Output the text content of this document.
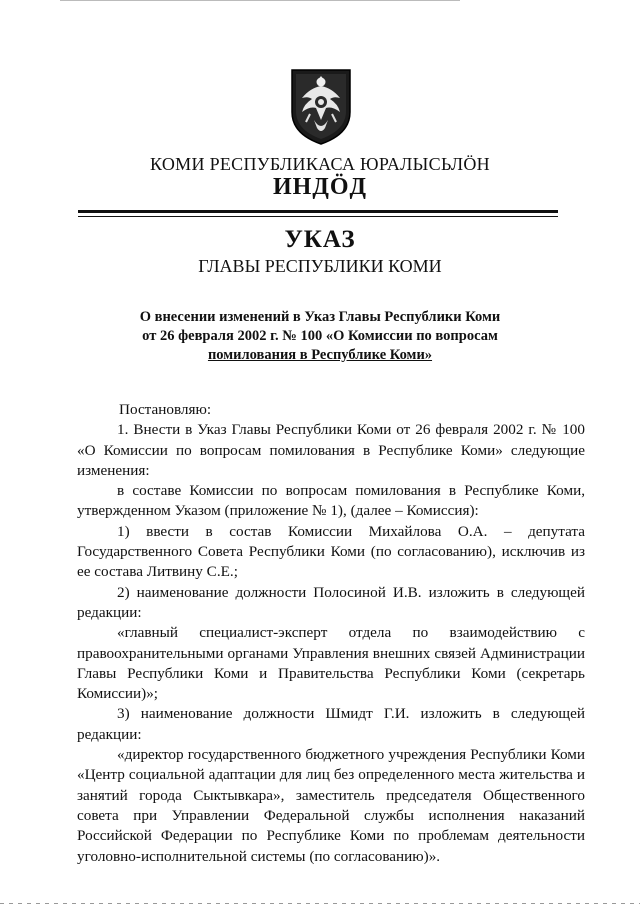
КОМИ РЕСПУБЛИКАСА ЮРАЛЫСЬЛӦН
ИНДӦД
УКАЗ
ГЛАВЫ РЕСПУБЛИКИ КОМИ
О внесении изменений в Указ Главы Республики Коми
от 26 февраля 2002 г. № 100 «О Комиссии по вопросам
помилования в Республике Коми»

Постановляю:

1. Внести в Указ Главы Республики Коми от 26 февраля 2002 г. № 100 «О Комиссии по вопросам помилования в Республике Коми» следующие изменения:

в составе Комиссии по вопросам помилования в Республике Коми, утвержденном Указом (приложение № 1), (далее – Комиссия):

1) ввести в состав Комиссии Михайлова О.А. – депутата Государственного Совета Республики Коми (по согласованию), исключив из ее состава Литвину С.Е.;

2) наименование должности Полосиной И.В. изложить в следующей редакции:

«главный специалист-эксперт отдела по взаимодействию с правоохранительными органами Управления внешних связей Администрации Главы Республики Коми и Правительства Республики Коми (секретарь Комиссии)»;

3) наименование должности Шмидт Г.И. изложить в следующей редакции:

«директор государственного бюджетного учреждения Республики Коми «Центр социальной адаптации для лиц без определенного места жительства и занятий города Сыктывкара», заместитель председателя Общественного совета при Управлении Федеральной службы исполнения наказаний Российской Федерации по Республике Коми по проблемам деятельности уголовно-исполнительной системы (по согласованию)».
